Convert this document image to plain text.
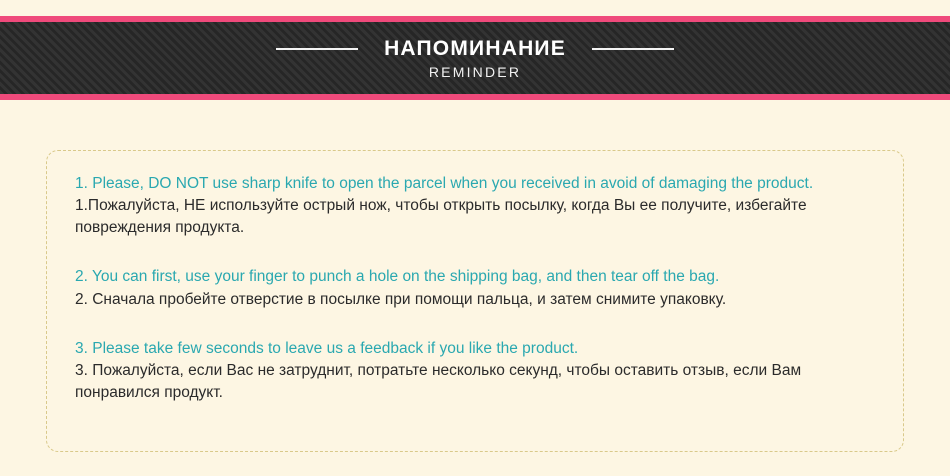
НАПОМИНАНИЕ
REMINDER

1. Please, DO NOT use sharp knife to open the parcel when you received in avoid of damaging the product.

1.Пожалуйста, НЕ используйте острый нож, чтобы открыть посылку, когда Вы ее получите, избегайте повреждения продукта.

2. You can first, use your finger to punch a hole on the shipping bag, and then tear off the bag.

2. Сначала пробейте отверстие в посылке при помощи пальца, и затем снимите упаковку.

3. Please take few seconds to leave us a feedback if you like the product.

3. Пожалуйста, если Вас не затруднит, потратьте несколько секунд, чтобы оставить отзыв, если Вам понравился продукт.
